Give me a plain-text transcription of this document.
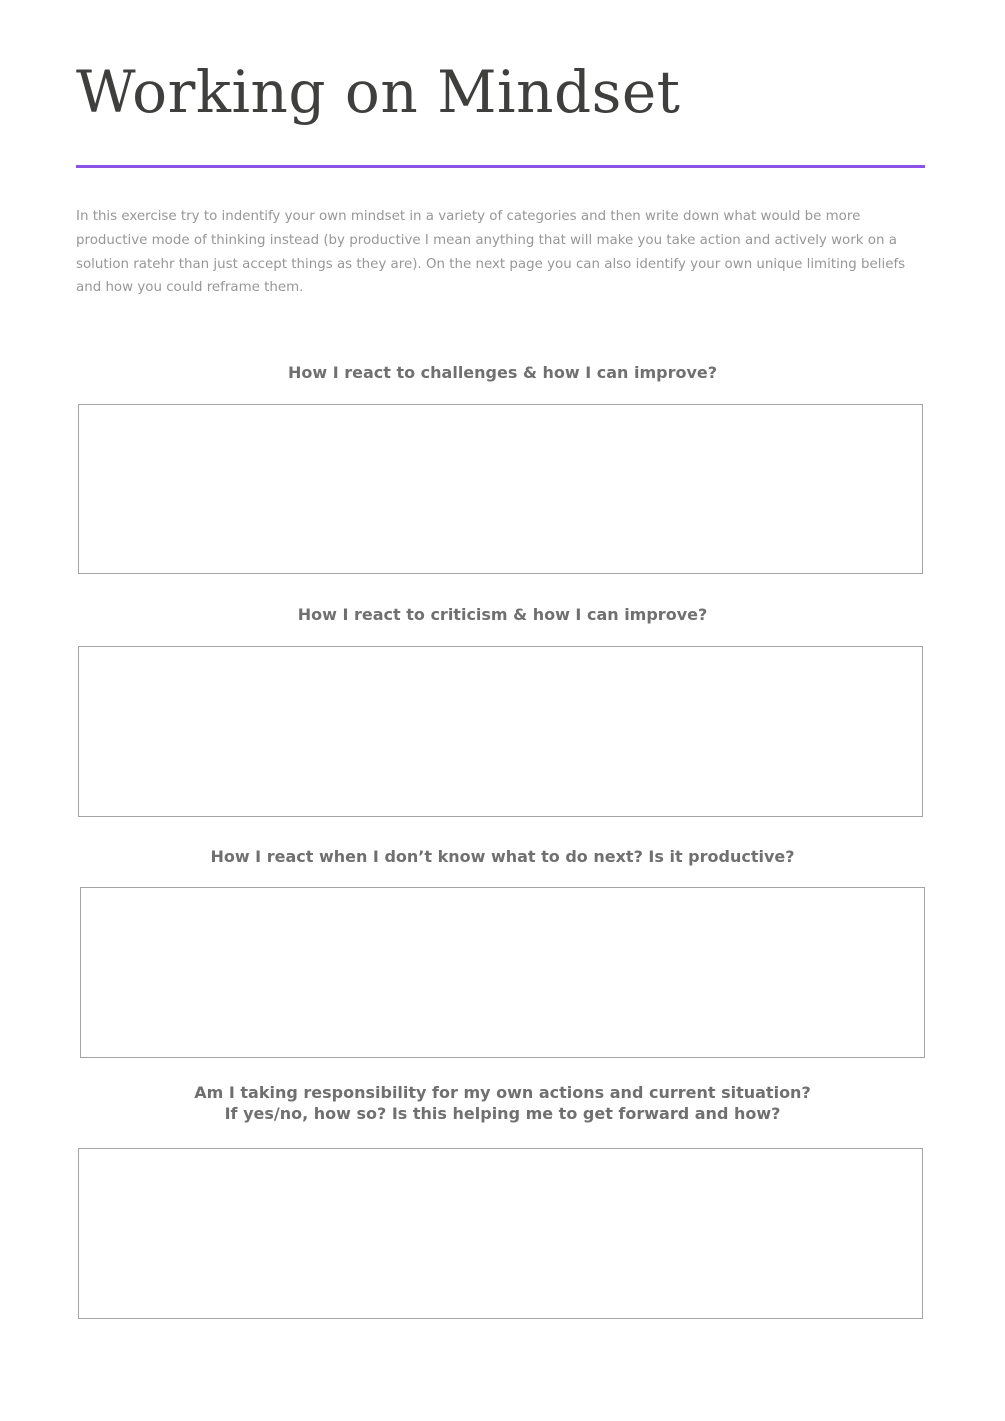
Working on Mindset

In this exercise try to indentify your own mindset in a variety of categories and then write down what would be more productive mode of thinking instead (by productive I mean anything that will make you take action and actively work on a solution ratehr than just accept things as they are). On the next page you can also identify your own unique limiting beliefs and how you could reframe them.

How I react to challenges & how I can improve?
How I react to criticism & how I can improve?
How I react when I don’t know what to do next? Is it productive?
Am I taking responsibility for my own actions and current situation?
If yes/no, how so? Is this helping me to get forward and how?
